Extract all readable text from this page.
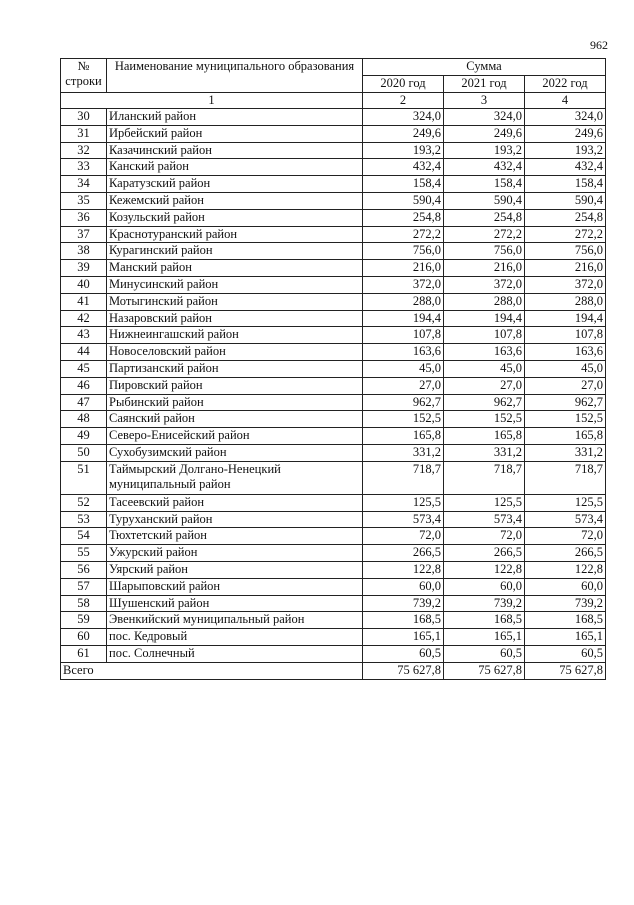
962
№ строки	Наименование муниципального образования	Сумма		
		2020 год	2021 год	2022 год
1		2	3	4
30	Иланский район	324,0	324,0	324,0
31	Ирбейский район	249,6	249,6	249,6
32	Казачинский район	193,2	193,2	193,2
33	Канский район	432,4	432,4	432,4
34	Каратузский район	158,4	158,4	158,4
35	Кежемский район	590,4	590,4	590,4
36	Козульский район	254,8	254,8	254,8
37	Краснотуранский район	272,2	272,2	272,2
38	Курагинский район	756,0	756,0	756,0
39	Манский район	216,0	216,0	216,0
40	Минусинский район	372,0	372,0	372,0
41	Мотыгинский район	288,0	288,0	288,0
42	Назаровский район	194,4	194,4	194,4
43	Нижнеингашский район	107,8	107,8	107,8
44	Новоселовский район	163,6	163,6	163,6
45	Партизанский район	45,0	45,0	45,0
46	Пировский район	27,0	27,0	27,0
47	Рыбинский район	962,7	962,7	962,7
48	Саянский район	152,5	152,5	152,5
49	Северо-Енисейский район	165,8	165,8	165,8
50	Сухобузимский район	331,2	331,2	331,2
51	Таймырский Долгано-Ненецкий муниципальный район	718,7	718,7	718,7
52	Тасеевский район	125,5	125,5	125,5
53	Туруханский район	573,4	573,4	573,4
54	Тюхтетский район	72,0	72,0	72,0
55	Ужурский район	266,5	266,5	266,5
56	Уярский район	122,8	122,8	122,8
57	Шарыповский район	60,0	60,0	60,0
58	Шушенский район	739,2	739,2	739,2
59	Эвенкийский муниципальный район	168,5	168,5	168,5
60	пос. Кедровый	165,1	165,1	165,1
61	пос. Солнечный	60,5	60,5	60,5
Всего		75 627,8	75 627,8	75 627,8
